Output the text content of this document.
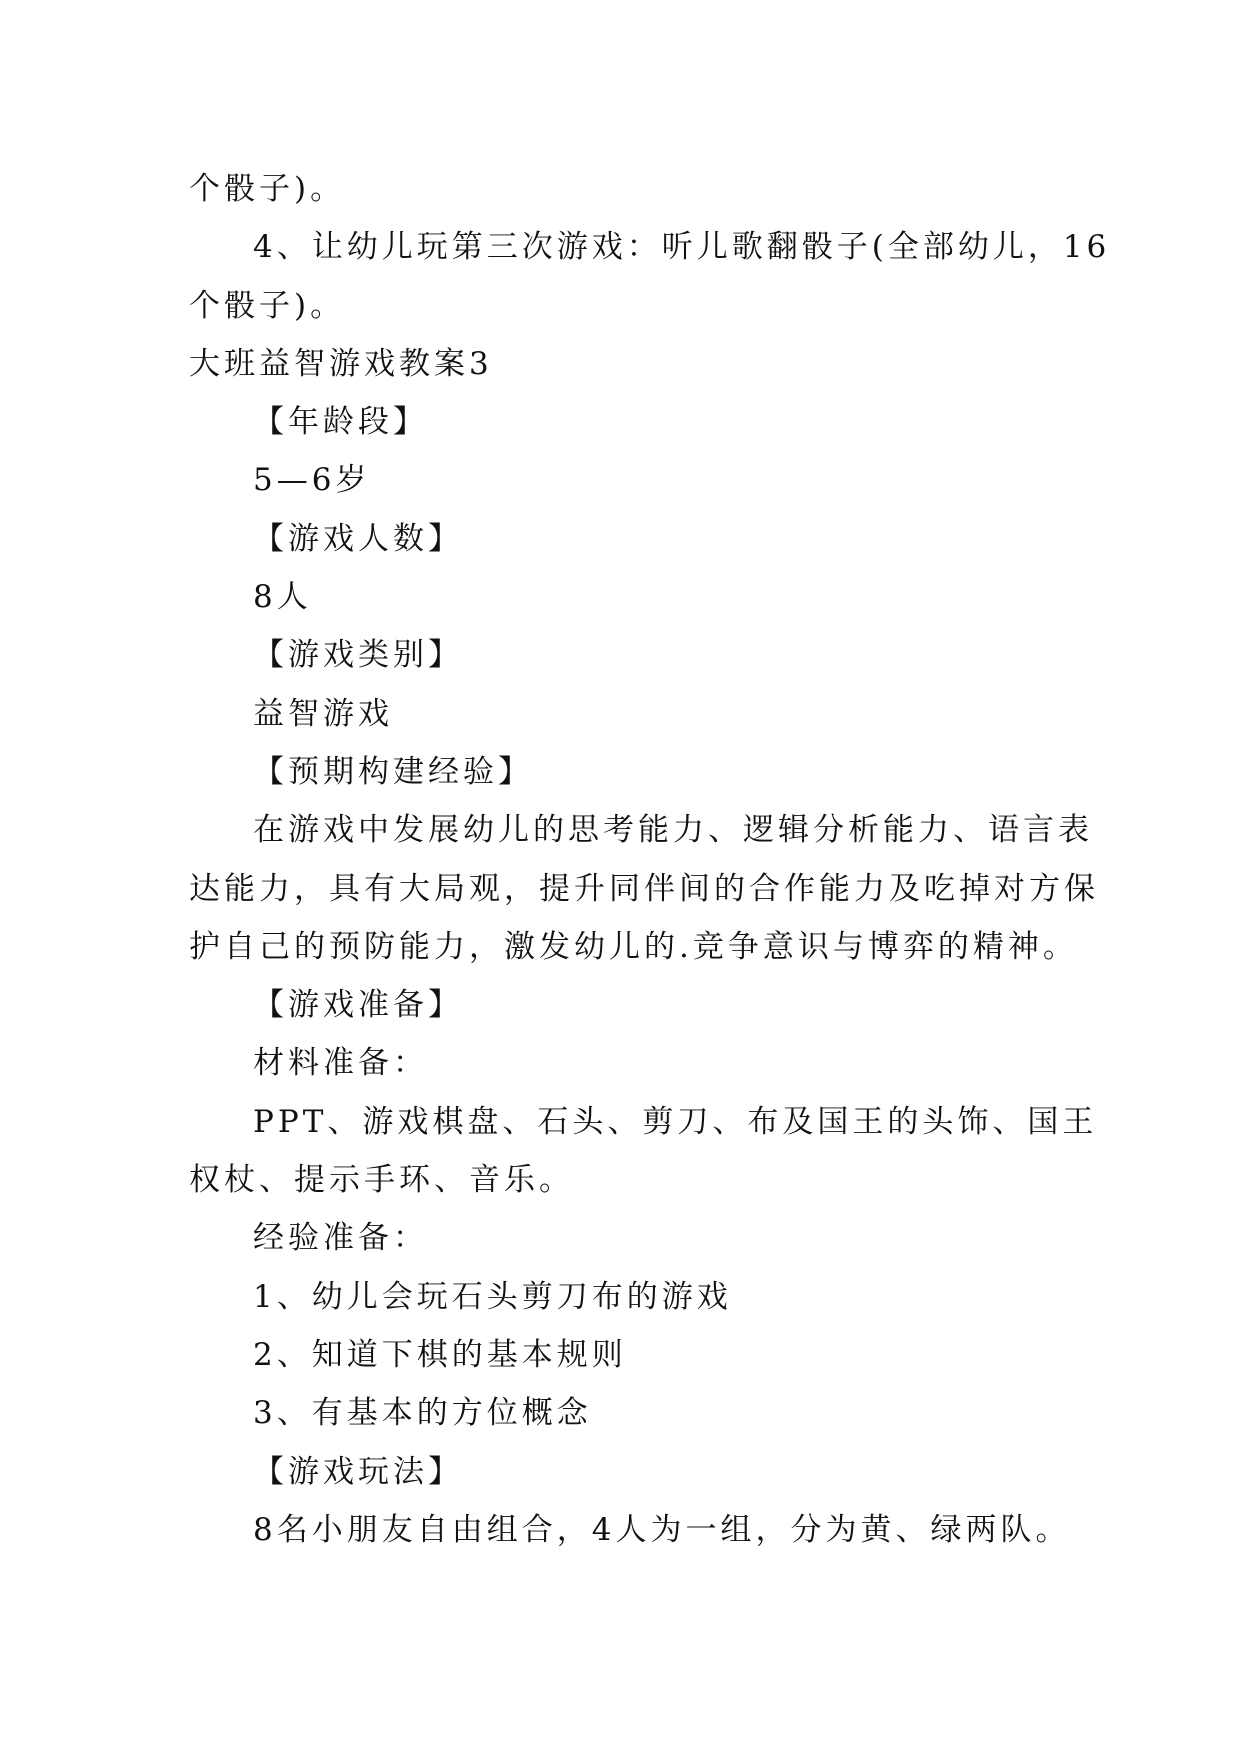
个骰子)。
4、让幼儿玩第三次游戏：听儿歌翻骰子(全部幼儿，16
个骰子)。
大班益智游戏教案3
【年龄段】
5—6岁
【游戏人数】
8人
【游戏类别】
益智游戏
【预期构建经验】
在游戏中发展幼儿的思考能力、逻辑分析能力、语言表
达能力，具有大局观，提升同伴间的合作能力及吃掉对方保
护自己的预防能力，激发幼儿的.竞争意识与博弈的精神。
【游戏准备】
材料准备：
PPT、游戏棋盘、石头、剪刀、布及国王的头饰、国王
权杖、提示手环、音乐。
经验准备：
1、幼儿会玩石头剪刀布的游戏
2、知道下棋的基本规则
3、有基本的方位概念
【游戏玩法】
8名小朋友自由组合，4人为一组，分为黄、绿两队。
